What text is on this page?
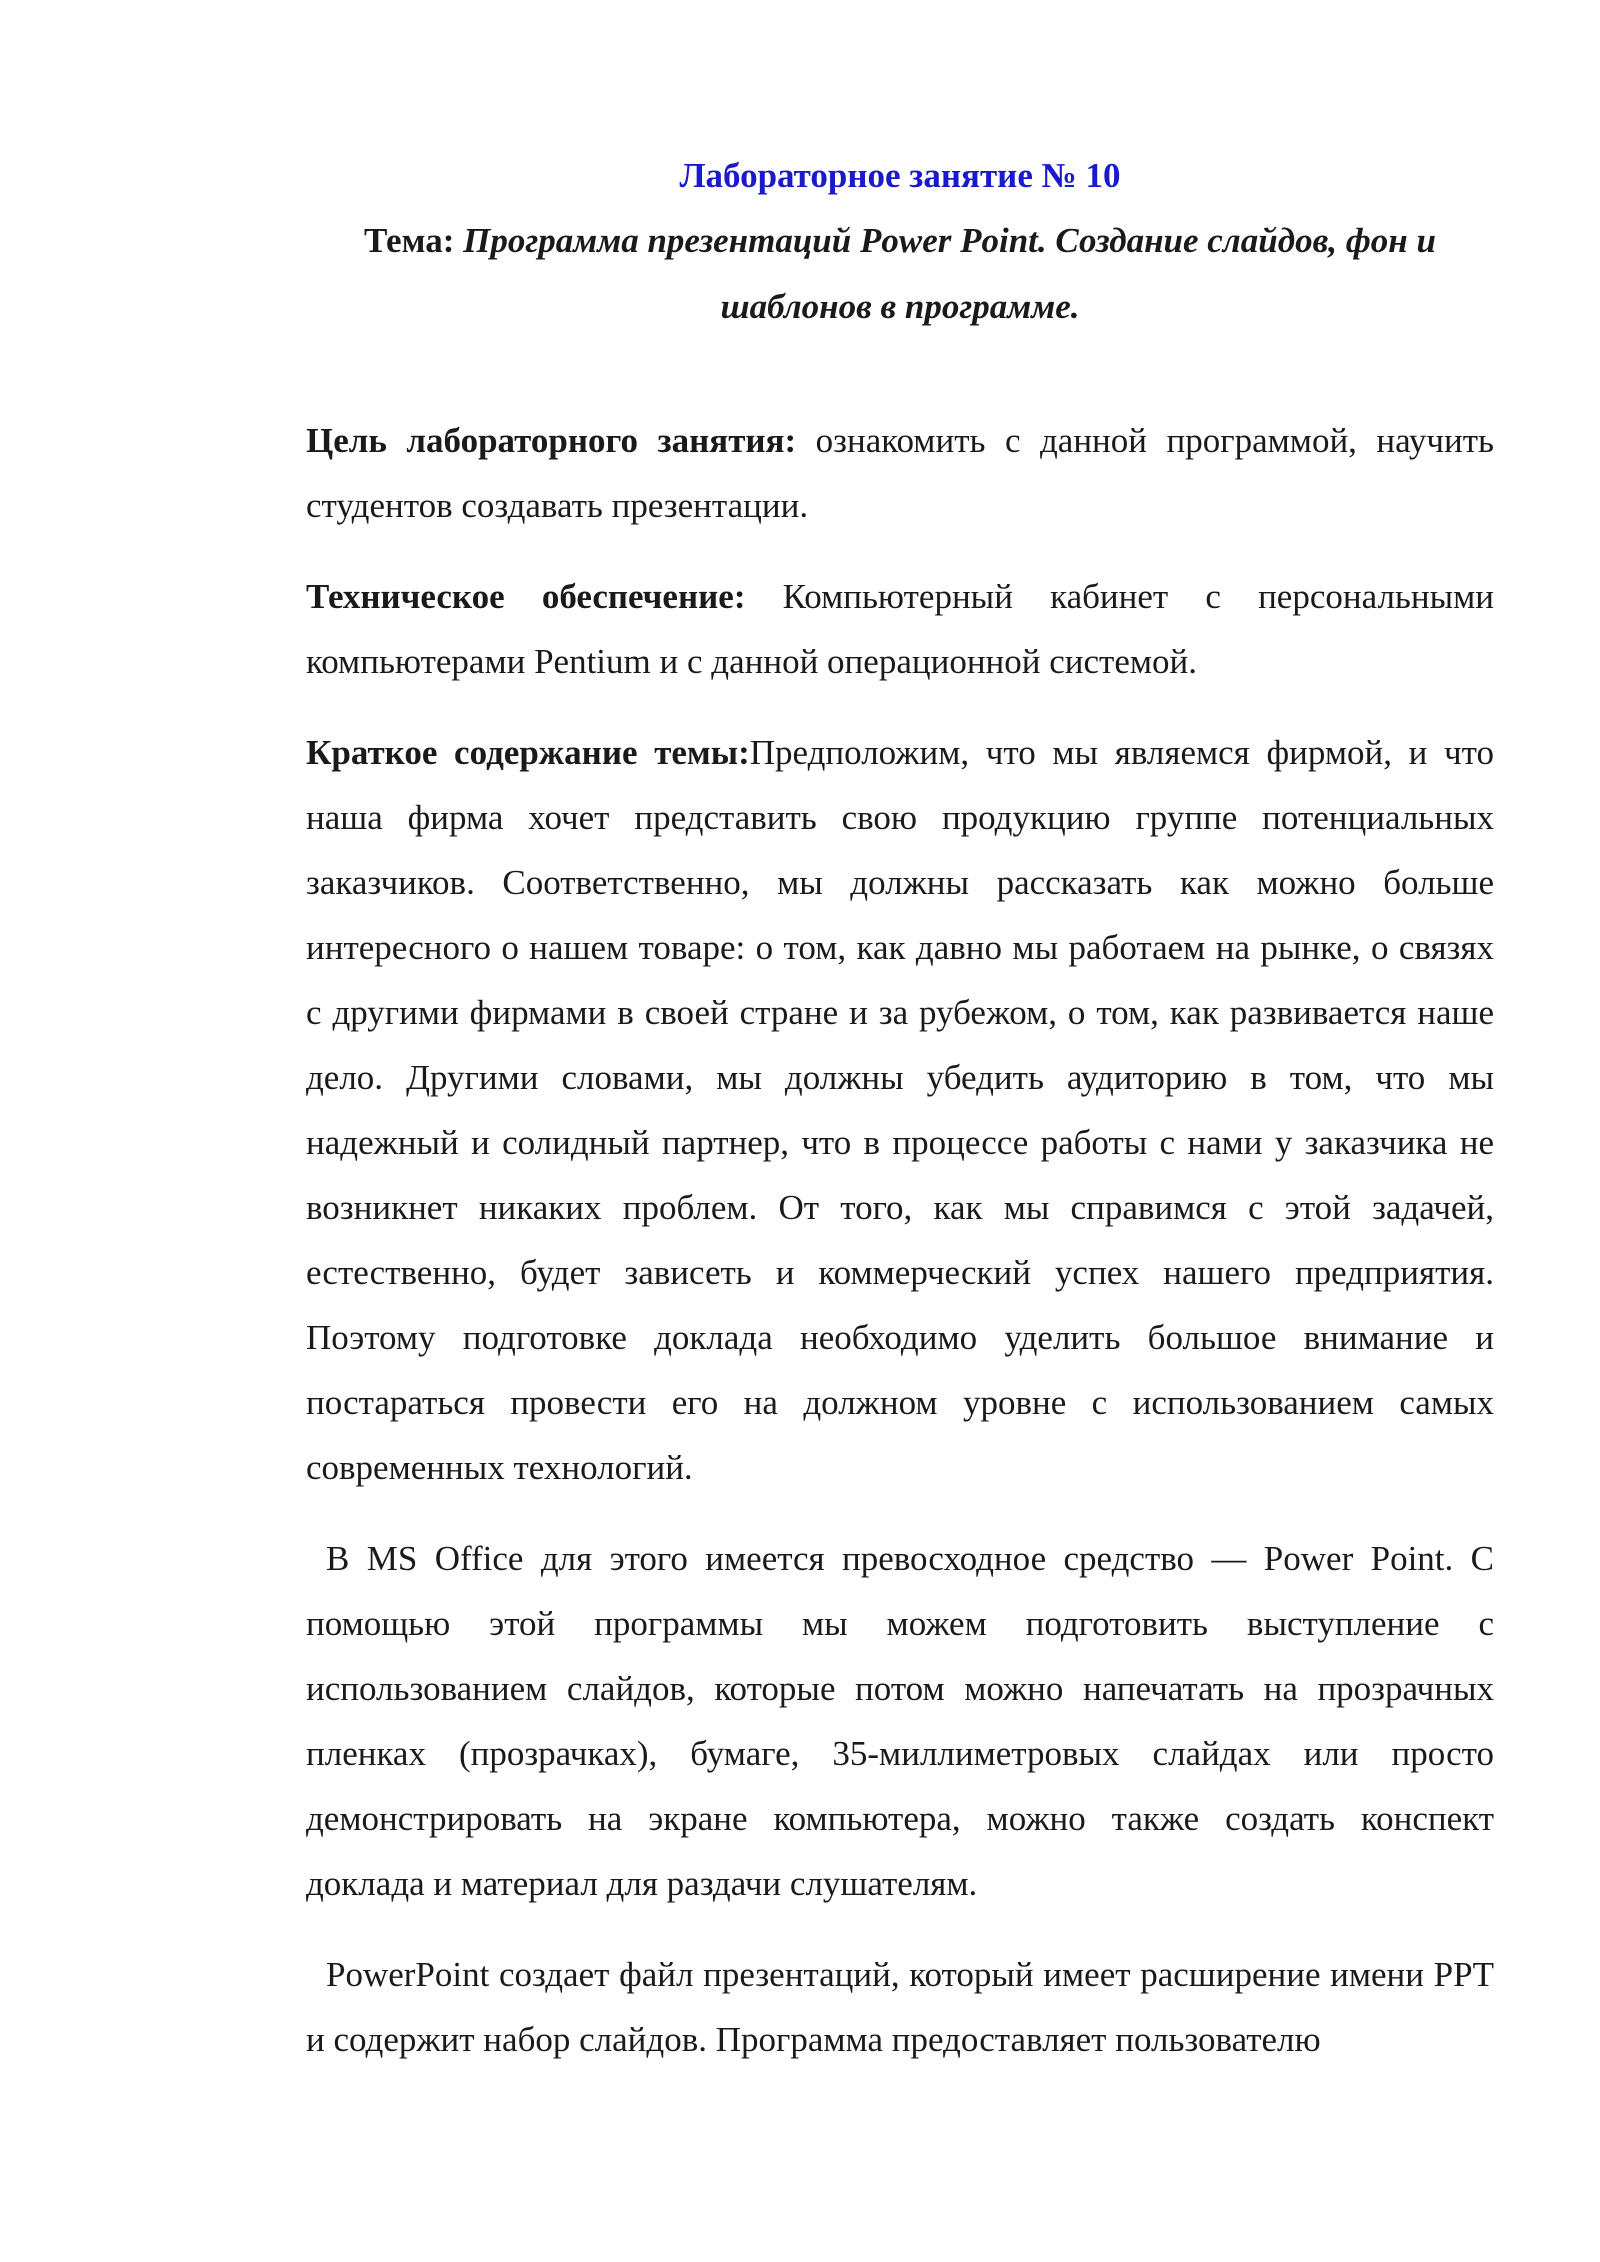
Лабораторное занятие № 10
Тема: Программа презентаций Power Point. Создание слайдов, фон и шаблонов в программе.

Цель лабораторного занятия: ознакомить с данной программой, научить студентов создавать презентации.

Техническое обеспечение: Компьютерный кабинет с персональными компьютерами Pentium и с данной операционной системой.

Краткое содержание темы:Предположим, что мы являемся фирмой, и что наша фирма хочет представить свою продукцию группе потенциальных заказчиков. Соответственно, мы должны рассказать как можно больше интересного о нашем товаре: о том, как давно мы работаем на рынке, о связях с другими фирмами в своей стране и за рубежом, о том, как развивается наше дело. Другими словами, мы должны убедить аудиторию в том, что мы надежный и солидный партнер, что в процессе работы с нами у заказчика не возникнет никаких проблем. От того, как мы справимся с этой задачей, естественно, будет зависеть и коммерческий успех нашего предприятия. Поэтому подготовке доклада необходимо уделить большое внимание и постараться провести его на должном уровне с использованием самых современных технологий.

В MS Office для этого имеется превосходное средство — Power Point. С помощью этой программы мы можем подготовить выступление с использованием слайдов, которые потом можно напечатать на прозрачных пленках (прозрачках), бумаге, 35-миллиметровых слайдах или просто демонстрировать на экране компьютера, можно также создать конспект доклада и материал для раздачи слушателям.

PowerPoint создает файл презентаций, который имеет расширение имени PPT и содержит набор слайдов. Программа предоставляет пользователю
